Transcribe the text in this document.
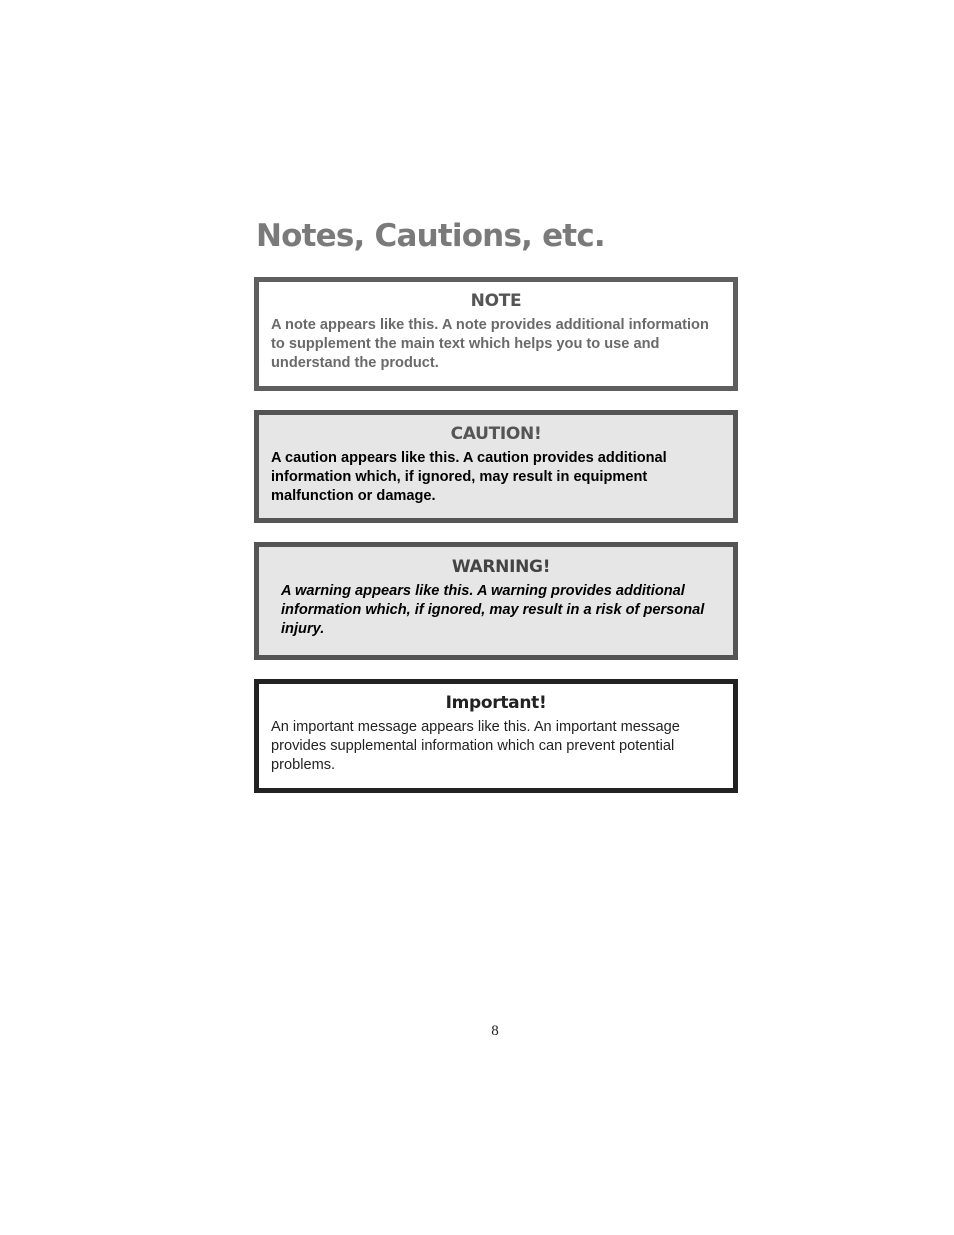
Notes, Cautions, etc.

NOTE

A note appears like this. A note provides additional information to supplement the main text which helps you to use and understand the product.

CAUTION!

A caution appears like this. A caution provides additional information which, if ignored, may result in equipment malfunction or damage.

WARNING!

A warning appears like this. A warning provides additional information which, if ignored, may result in a risk of personal injury.

Important!

An important message appears like this. An important message provides supplemental information which can prevent potential problems.

8
